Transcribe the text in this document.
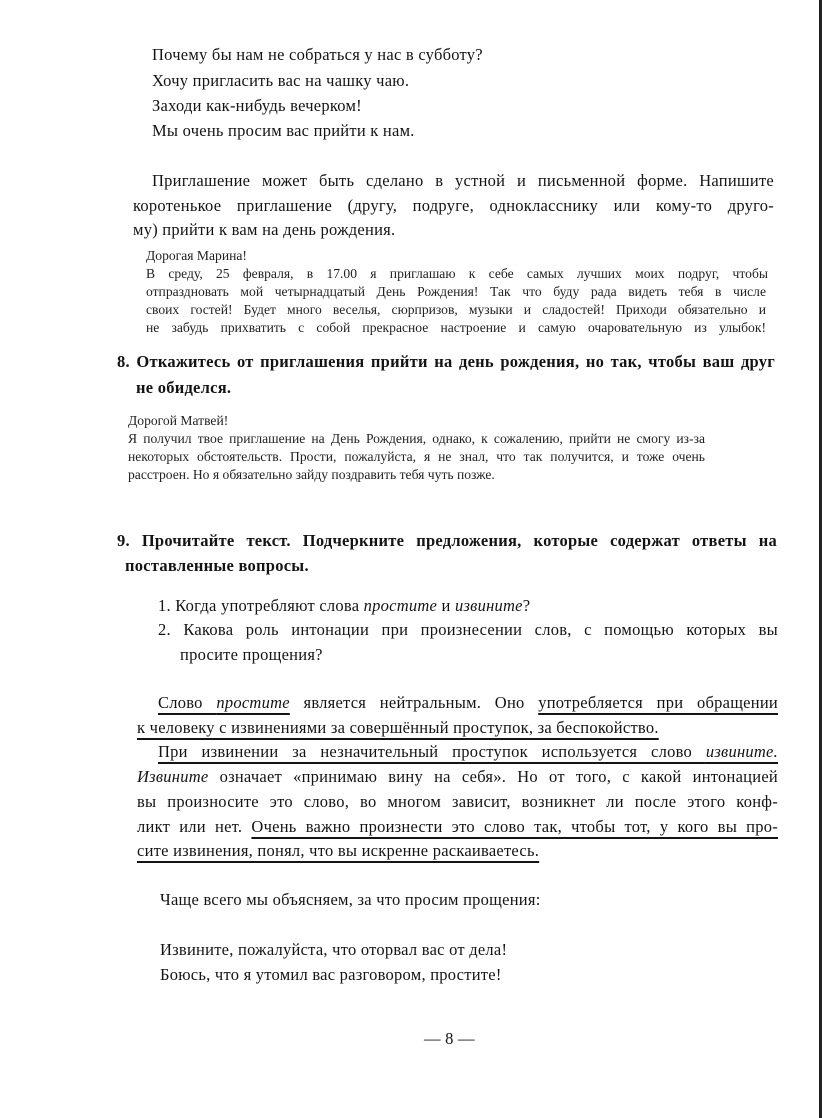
Почему бы нам не собраться у нас в субботу?
Хочу пригласить вас на чашку чаю.
Заходи как-нибудь вечерком!
Мы очень просим вас прийти к нам.
Приглашение может быть сделано в устной и письменной форме. Напишите
коротенькое приглашение (другу, подруге, однокласснику или кому-то друго-
му) прийти к вам на день рождения.
Дорогая Марина!
В среду, 25 февраля, в 17.00 я приглашаю к себе самых лучших моих подруг, чтобы
отпраздновать мой четырнадцатый День Рождения! Так что буду рада видеть тебя в числе
своих гостей! Будет много веселья, сюрпризов, музыки и сладостей! Приходи обязательно и
не забудь прихватить с собой прекрасное настроение и самую очаровательную из улыбок!
8. Откажитесь от приглашения прийти на день рождения, но так, чтобы ваш друг
не обиделся.
Дорогой Матвей!
Я получил твое приглашение на День Рождения, однако, к сожалению, прийти не смогу из-за
некоторых обстоятельств. Прости, пожалуйста, я не знал, что так получится, и тоже очень
расстроен. Но я обязательно зайду поздравить тебя чуть позже.
9. Прочитайте текст. Подчеркните предложения, которые содержат ответы на
поставленные вопросы.
1. Когда употребляют слова простите и извините?
2. Какова роль интонации при произнесении слов, с помощью которых вы
просите прощения?
Слово простите является нейтральным. Оно употребляется при обращении
к человеку с извинениями за совершённый проступок, за беспокойство.
При извинении за незначительный проступок используется слово извините.
Извините означает «принимаю вину на себя». Но от того, с какой интонацией
вы произносите это слово, во многом зависит, возникнет ли после этого конф-
ликт или нет. Очень важно произнести это слово так, чтобы тот, у кого вы про-
сите извинения, понял, что вы искренне раскаиваетесь.
Чаще всего мы объясняем, за что просим прощения:
Извините, пожалуйста, что оторвал вас от дела!
Боюсь, что я утомил вас разговором, простите!
— 8 —
